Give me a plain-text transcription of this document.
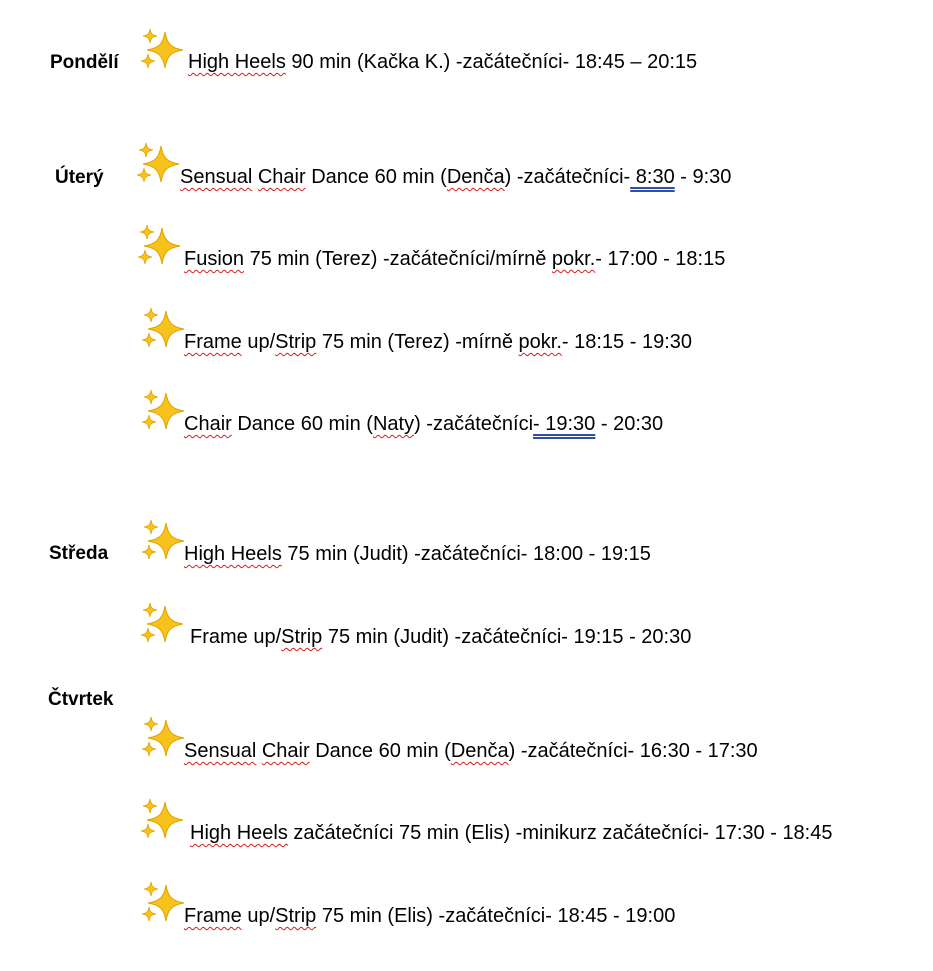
Pondělí
Úterý
Středa
Čtvrtek
High Heels 90 min (Kačka K.) -začátečníci- 18:45 – 20:15
Sensual Chair Dance 60 min (Denča) -začátečníci- 8:30 - 9:30
Fusion 75 min (Terez) -začátečníci/mírně pokr.- 17:00 - 18:15
Frame up/Strip 75 min (Terez) -mírně pokr.- 18:15 - 19:30
Chair Dance 60 min (Naty) -začátečníci- 19:30 - 20:30
High Heels 75 min (Judit) -začátečníci- 18:00 - 19:15
Frame up/Strip 75 min (Judit) -začátečníci- 19:15 - 20:30
Sensual Chair Dance 60 min (Denča) -začátečníci- 16:30 - 17:30
High Heels začátečníci 75 min (Elis) -minikurz začátečníci- 17:30 - 18:45
Frame up/Strip 75 min (Elis) -začátečníci- 18:45 - 19:00
